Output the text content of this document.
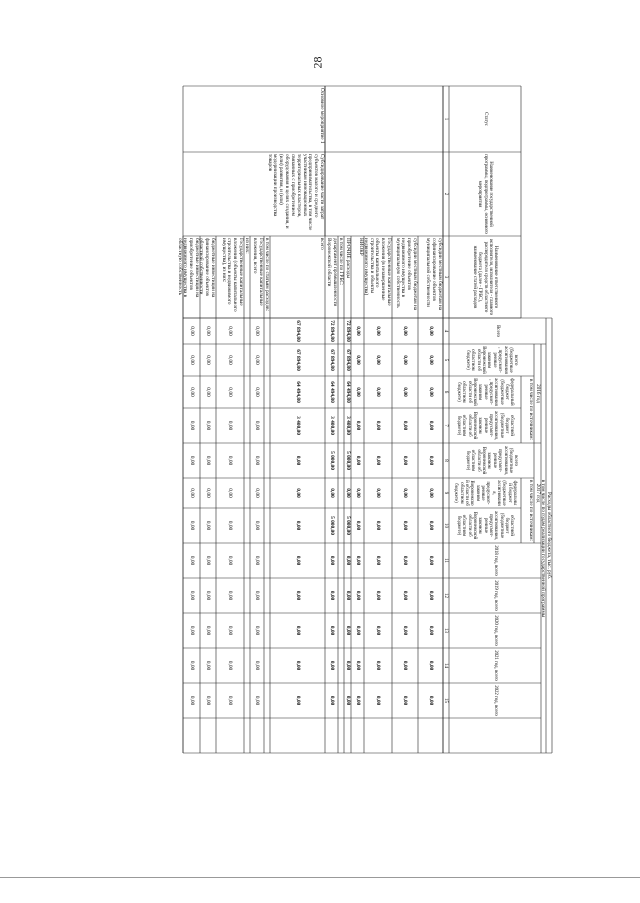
28
Статус
Наименование государственной программы, подпрограммы, основного мероприятия
Наименование ответственного исполнителя, исполнителя - главного распорядителя средств областного бюджета (далее - ГРБС), наименование статей расходов
Расходы областного бюджета, тыс. руб.
в том числе по годам реализации государственной программы
Всего
2016 год
2017 год
в том числе по источникам:
в том числе по источникам:
всего (бюджетные ассигнования, предусмот-ренные законом Воронежской области об областном бюджете)
федеральный бюджет (бюджетные ассигнования, предусмот-ренные законом Воронежской области об областном бюджете)
областной бюджет (бюджетные ассигнования, предусмот-ренные законом Воронежской области об областном бюджете)
всего (бюджетные ассигнования, предусмот-ренные законом Воронежской области об областном бюджете)
федеральный бюджет (бюджетные ассигнования, предусмот-ренные законом Воронежской области об областном бюджете)
областной бюджет (бюджетные ассигнования, предусмот-ренные законом Воронежской области об областном бюджете)
2018 год, всего
2019 год, всего
2020 год, всего
2021 год, всего
2022 год, всего
1
2
3
4
5
6
7
8
9
10
11
12
13
14
15
субсидии местным бюджетам на софинансирование объектов муниципальной собственности
0,00
0,00
0,00
0,00
0,00
0,00
0,00
0,00
0,00
0,00
0,00
0,00
субсидии местным бюджетам на приобретение объектов недвижимого имущества в муниципальную собственность
0,00
0,00
0,00
0,00
0,00
0,00
0,00
0,00
0,00
0,00
0,00
0,00
Государственные капитальные вложения (в незавершенные объекты капитального строительства и объекты недвижимого имущества)
0,00
0,00
0,00
0,00
0,00
0,00
0,00
0,00
0,00
0,00
0,00
0,00
НИОКР
0,00
0,00
0,00
0,00
0,00
0,00
0,00
0,00
0,00
0,00
0,00
0,00
ПРОЧИЕ расходы
72 894,80
67 894,80
64 494,80
3 400,00
5 000,00
0,00
5 000,00
0,00
0,00
0,00
0,00
0,00
в том числе по ГРБС:
департамент промышленности Воронежской области
72 894,80
67 894,80
64 494,80
3 400,00
5 000,00
0,00
5 000,00
0,00
0,00
0,00
0,00
0,00
Основное мероприятие 1
Субсидирование части затрат субъектов малого и среднего предпринимательства, в том числе участникам инновационных территориальных кластеров, связанных с приобретением оборудования в целях создания, и (или) развития, и (или) модернизации производства товаров
всего
67 894,80
67 894,80
64 494,80
3 400,00
0,00
0,00
0,00
0,00
0,00
0,00
0,00
0,00
в том числе по статьям расходов:
Государственные капитальные вложения, всего
0,00
0,00
0,00
0,00
0,00
0,00
0,00
0,00
0,00
0,00
0,00
0,00
из них:
Государственные капитальные вложения (объекты капитального строительства и недвижимого имущества), из них:
0,00
0,00
0,00
0,00
0,00
0,00
0,00
0,00
0,00
0,00
0,00
0,00
бюджетные инвестиции на финансирование объектов областной собственности
0,00
0,00
0,00
0,00
0,00
0,00
0,00
0,00
0,00
0,00
0,00
0,00
бюджетные инвестиции на приобретение объектов недвижимого имущества в областную собственность
0,00
0,00
0,00
0,00
0,00
0,00
0,00
0,00
0,00
0,00
0,00
0,00
